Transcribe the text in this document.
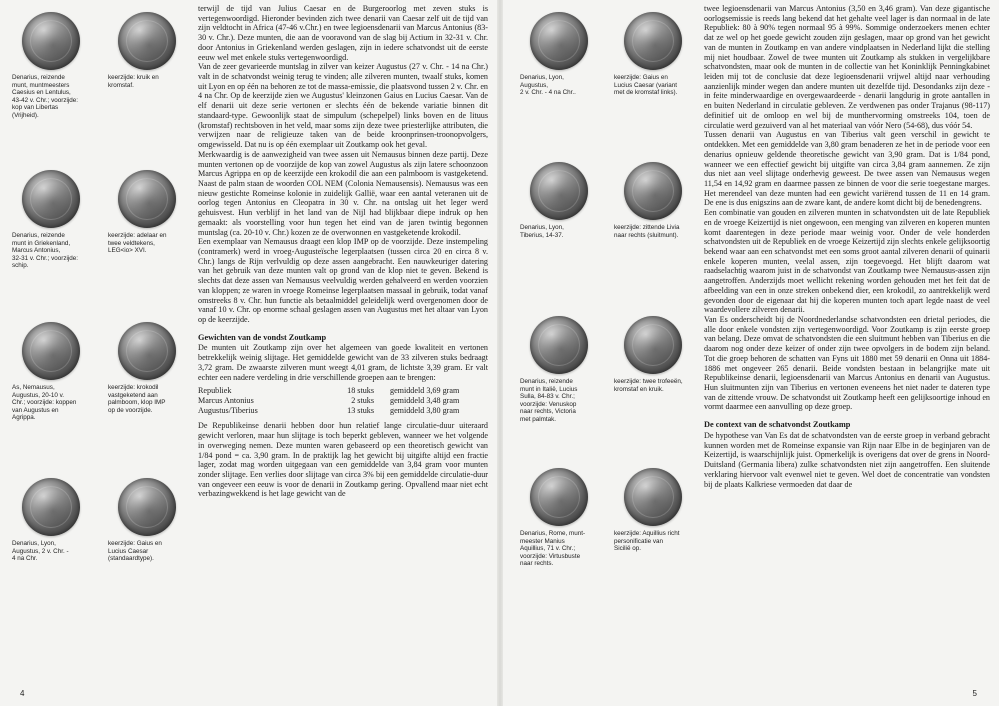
Denarius, reizende
munt, muntmeesters
Caesius en Lentulus,
43-42 v. Chr.; voorzijde:
kop van Libertas
(Vrijheid).
Denarius, reizende
munt in Griekenland,
Marcus Antonius,
32-31 v. Chr.; voorzijde:
schip.
As, Nemausus,
Augustus, 20-10 v.
Chr.; voorzijde: koppen
van Augustus en
Agrippa.
Denarius, Lyon,
Augustus, 2 v. Chr. -
4 na Chr.
keerzijde: kruik en
kromstaf.
keerzijde: adelaar en
twee veldtekens,
LEG<io> XVI.
keerzijde: krokodil
vastgeketend aan
palmboom, klop IMP
op de voorzijde.
keerzijde: Gaius en
Lucius Caesar
(standaardtype).

terwijl de tijd van Julius Caesar en de Burgeroorlog met zeven stuks is vertegenwoordigd. Hieronder bevinden zich twee denarii van Caesar zelf uit de tijd van zijn veldtocht in Africa (47-46 v.Chr.) en twee legioensdenarii van Marcus Antonius (83-30 v. Chr.). Deze munten, die aan de vooravond van de slag bij Actium in 32-31 v. Chr. door Antonius in Griekenland werden geslagen, zijn in iedere schatvondst uit de eerste eeuw wel met enkele stuks vertegenwoordigd.

Van de zeer gevarieerde muntslag in zilver van keizer Augustus (27 v. Chr. - 14 na Chr.) valt in de schatvondst weinig terug te vinden; alle zilveren munten, twaalf stuks, komen uit Lyon en op één na behoren ze tot de massa-emissie, die plaatsvond tussen 2 v. Chr. en 4 na Chr. Op de keerzijde zien we Augustus' kleinzonen Gaius en Lucius Caesar. Van de elf denarii uit deze serie vertonen er slechts één de bekende variatie binnen dit standaard-type. Gewoonlijk staat de simpulum (schepelpel) links boven en de lituus (kromstaf) rechtsboven in het veld, maar soms zijn deze twee priesterlijke attributen, die verwijzen naar de religieuze taken van de beide kroonprinsen-troonopvolgers, omgewisseld. Dat nu is op één exemplaar uit Zoutkamp ook het geval.

Merkwaardig is de aanwezigheid van twee assen uit Nemausus binnen deze partij. Deze munten vertonen op de voorzijde de kop van zowel Augustus als zijn latere schoonzoon Marcus Agrippa en op de keerzijde een krokodil die aan een palmboom is vastgeketend. Naast de palm staan de woorden COL NEM (Colonia Nemausensis). Nemausus was een nieuw gestichte Romeinse kolonie in zuidelijk Gallië, waar een aantal veteranen uit de oorlog tegen Antonius en Cleopatra in 30 v. Chr. na ontslag uit het leger werd gehuisvest. Hun verblijf in het land van de Nijl had blijkbaar diepe indruk op hen gemaakt: als voorstelling voor hun tegen het eind van de jaren twintig begonnen muntslag (ca. 20-10 v. Chr.) kozen ze de overwonnen en vastgeketende krokodil.

Een exemplaar van Nemausus draagt een klop IMP op de voorzijde. Deze instempeling (contramerk) werd in vroeg-Augusteïsche legerplaatsen (tussen circa 20 en circa 8 v. Chr.) langs de Rijn verlvuldig op deze assen aangebracht. Een nauwkeuriger datering van het gebruik van deze munten valt op grond van de klop niet te geven. Bekend is slechts dat deze assen van Nemausus veelvuldig werden gehalveerd en werden voorzien van kloppen; ze waren in vroege Romeinse legerplaatsen massaal in gebruik, todat vanaf omstreeks 8 v. Chr. hun functie als betaalmiddel geleidelijk werd overgenomen door de vanaf 10 v. Chr. op enorme schaal geslagen assen van Augustus met het altaar van Lyon op de keerzijde.

Gewichten van de vondst Zoutkamp

De munten uit Zoutkamp zijn over het algemeen van goede kwaliteit en vertonen betrekkelijk weinig slijtage. Het gemiddelde gewicht van de 33 zilveren stuks bedraagt 3,72 gram. De zwaarste zilveren munt weegt 4,01 gram, de lichtste 3,39 gram. Er valt echter een nadere verdeling in drie verschillende groepen aan te brengen:

Republiek	18 stuks	gemiddeld 3,69 gram
Marcus Antonius	2 stuks	gemiddeld 3,48 gram
Augustus/Tiberius	13 stuks	gemiddeld 3,80 gram

De Republikeinse denarii hebben door hun relatief lange circulatie-duur uiteraard gewicht verloren, maar hun slijtage is toch beperkt gebleven, wanneer we het volgende in overweging nemen. Deze munten waren gebaseerd op een theoretisch gewicht van 1/84 pond = ca. 3,90 gram. In de praktijk lag het gewicht bij uitgifte altijd een fractie lager, zodat mag worden uitgegaan van een gemiddelde van 3,84 gram voor munten zonder slijtage. Een verlies door slijtage van circa 3% bij een gemiddelde circulatie-duur van ongeveer een eeuw is voor de denarii in Zoutkamp gering. Opvallend maar niet echt verbazingwekkend is het lage gewicht van de

4
Denarius, Lyon,
Augustus,
2 v. Chr. - 4 na Chr..
Denarius, Lyon,
Tiberius, 14-37.
Denarius, reizende
munt in Italië, Lucius
Sulla, 84-83 v. Chr.;
voorzijde: Venuskop
naar rechts, Victoria
met palmtak.
Denarius, Rome, munt-
meester Manius
Aquillius, 71 v. Chr.;
voorzijde: Virtusbuste
naar rechts.
keerzijde: Gaius en
Lucius Caesar (variant
met de kromstaf links).
keerzijde: zittende Livia
naar rechts (sluitmunt).
keerzijde: twee trofeeën,
kromstaf en kruik.
keerzijde: Aquillius richt
personificatie van
Sicilië op.

twee legioensdenarii van Marcus Antonius (3,50 en 3,46 gram). Van deze gigantische oorlogsemissie is reeds lang bekend dat het gehalte veel lager is dan normaal in de late Republiek: 80 à 90% tegen normaal 95 à 99%. Sommige onderzoekers menen echter dat ze wel op het goede gewicht zouden zijn geslagen, maar op grond van het gewicht van de munten in Zoutkamp en van andere vindplaatsen in Nederland lijkt die stelling mij niet houdbaar. Zowel de twee munten uit Zoutkamp als stukken in vergelijkbare schatvondsten, maar ook de munten in de collectie van het Koninklijk Penningkabinet leiden mij tot de conclusie dat deze legioensdenarii vrijwel altijd naar verhouding aanzienlijk minder wegen dan andere munten uit dezelfde tijd. Desondanks zijn deze - in feite minderwaardige en overgewaardeerde - denarii langdurig in grote aantallen in en buiten Nederland in circulatie gebleven. Ze verdwenen pas onder Trajanus (98-117) definitief uit de omloop en wel bij de munthervorming omstreeks 104, toen de circulatie werd gezuiverd van al het materiaal van vóór Nero (54-68), dus vóór 54.

Tussen denarii van Augustus en van Tiberius valt geen verschil in gewicht te ontdekken. Met een gemiddelde van 3,80 gram benaderen ze het in de periode voor een denarius opnieuw geldende theoretische gewicht van 3,90 gram. Dat is 1/84 pond, wanneer we een effectief gewicht bij uitgifte van circa 3,84 gram aannemen. Ze zijn dus niet aan veel slijtage onderhevig geweest. De twee assen van Nemausus wegen 11,54 en 14,92 gram en daarmee passen ze binnen de voor die serie toegestane marges. Het merendeel van deze munten had een gewicht variërend tussen de 11 en 14 gram. De ene is dus enigszins aan de zware kant, de andere komt dicht bij de benedengrens.

Een combinatie van gouden en zilveren munten in schatvondsten uit de late Republiek en de vroege Keizertijd is niet ongewoon, een menging van zilveren en koperen munten komt daarentegen in deze periode maar weinig voor. Onder de vele honderden schatvondsten uit de Republiek en de vroege Keizertijd zijn slechts enkele gelijksoortig bekend waar aan een schatvondst met een soms groot aantal zilveren denarii of quinarii enkele koperen munten, veelal assen, zijn toegevoegd. Het blijft daarom wat raadselachtig waarom juist in de schatvondst van Zoutkamp twee Nemausus-assen zijn aangetroffen. Anderzijds moet wellicht rekening worden gehouden met het feit dat de afbeelding van een in onze streken onbekend dier, een krokodil, zo aantrekkelijk werd gevonden door de eigenaar dat hij die koperen munten toch apart legde naast de veel waardevollere zilveren denarii.

Van Es onderscheidt bij de Noordnederlandse schatvondsten een drietal periodes, die alle door enkele vondsten zijn vertegenwoordigd. Voor Zoutkamp is zijn eerste groep van belang. Deze omvat de schatvondsten die een sluitmunt hebben van Tiberius en die daarom nog onder deze keizer of onder zijn twee opvolgers in de bodem zijn beland. Tot die groep behoren de schatten van Fyns uit 1880 met 59 denarii en Onna uit 1884-1886 met ongeveer 265 denarii. Beide vondsten bestaan in belangrijke mate uit Republikeinse denarii, legioensdenarii van Marcus Antonius en denarii van Augustus. Hun sluitmunten zijn van Tiberius en vertonen eveneens het niet nader te dateren type van de zittende vrouw. De schatvondst uit Zoutkamp heeft een gelijksoortige inhoud en vormt daarmee een aanvulling op deze groep.

De context van de schatvondst Zoutkamp

De hypothese van Van Es dat de schatvondsten van de eerste groep in verband gebracht kunnen worden met de Romeinse expansie van Rijn naar Elbe in de beginjaren van de Keizertijd, is waarschijnlijk juist. Opmerkelijk is overigens dat over de grens in Noord-Duitsland (Germania libera) zulke schatvondsten niet zijn aangetroffen. Een sluitende verklaring hiervoor valt evenwel niet te geven. Wel doet de concentratie van vondsten bij de plaats Kalkriese vermoeden dat daar de

5
